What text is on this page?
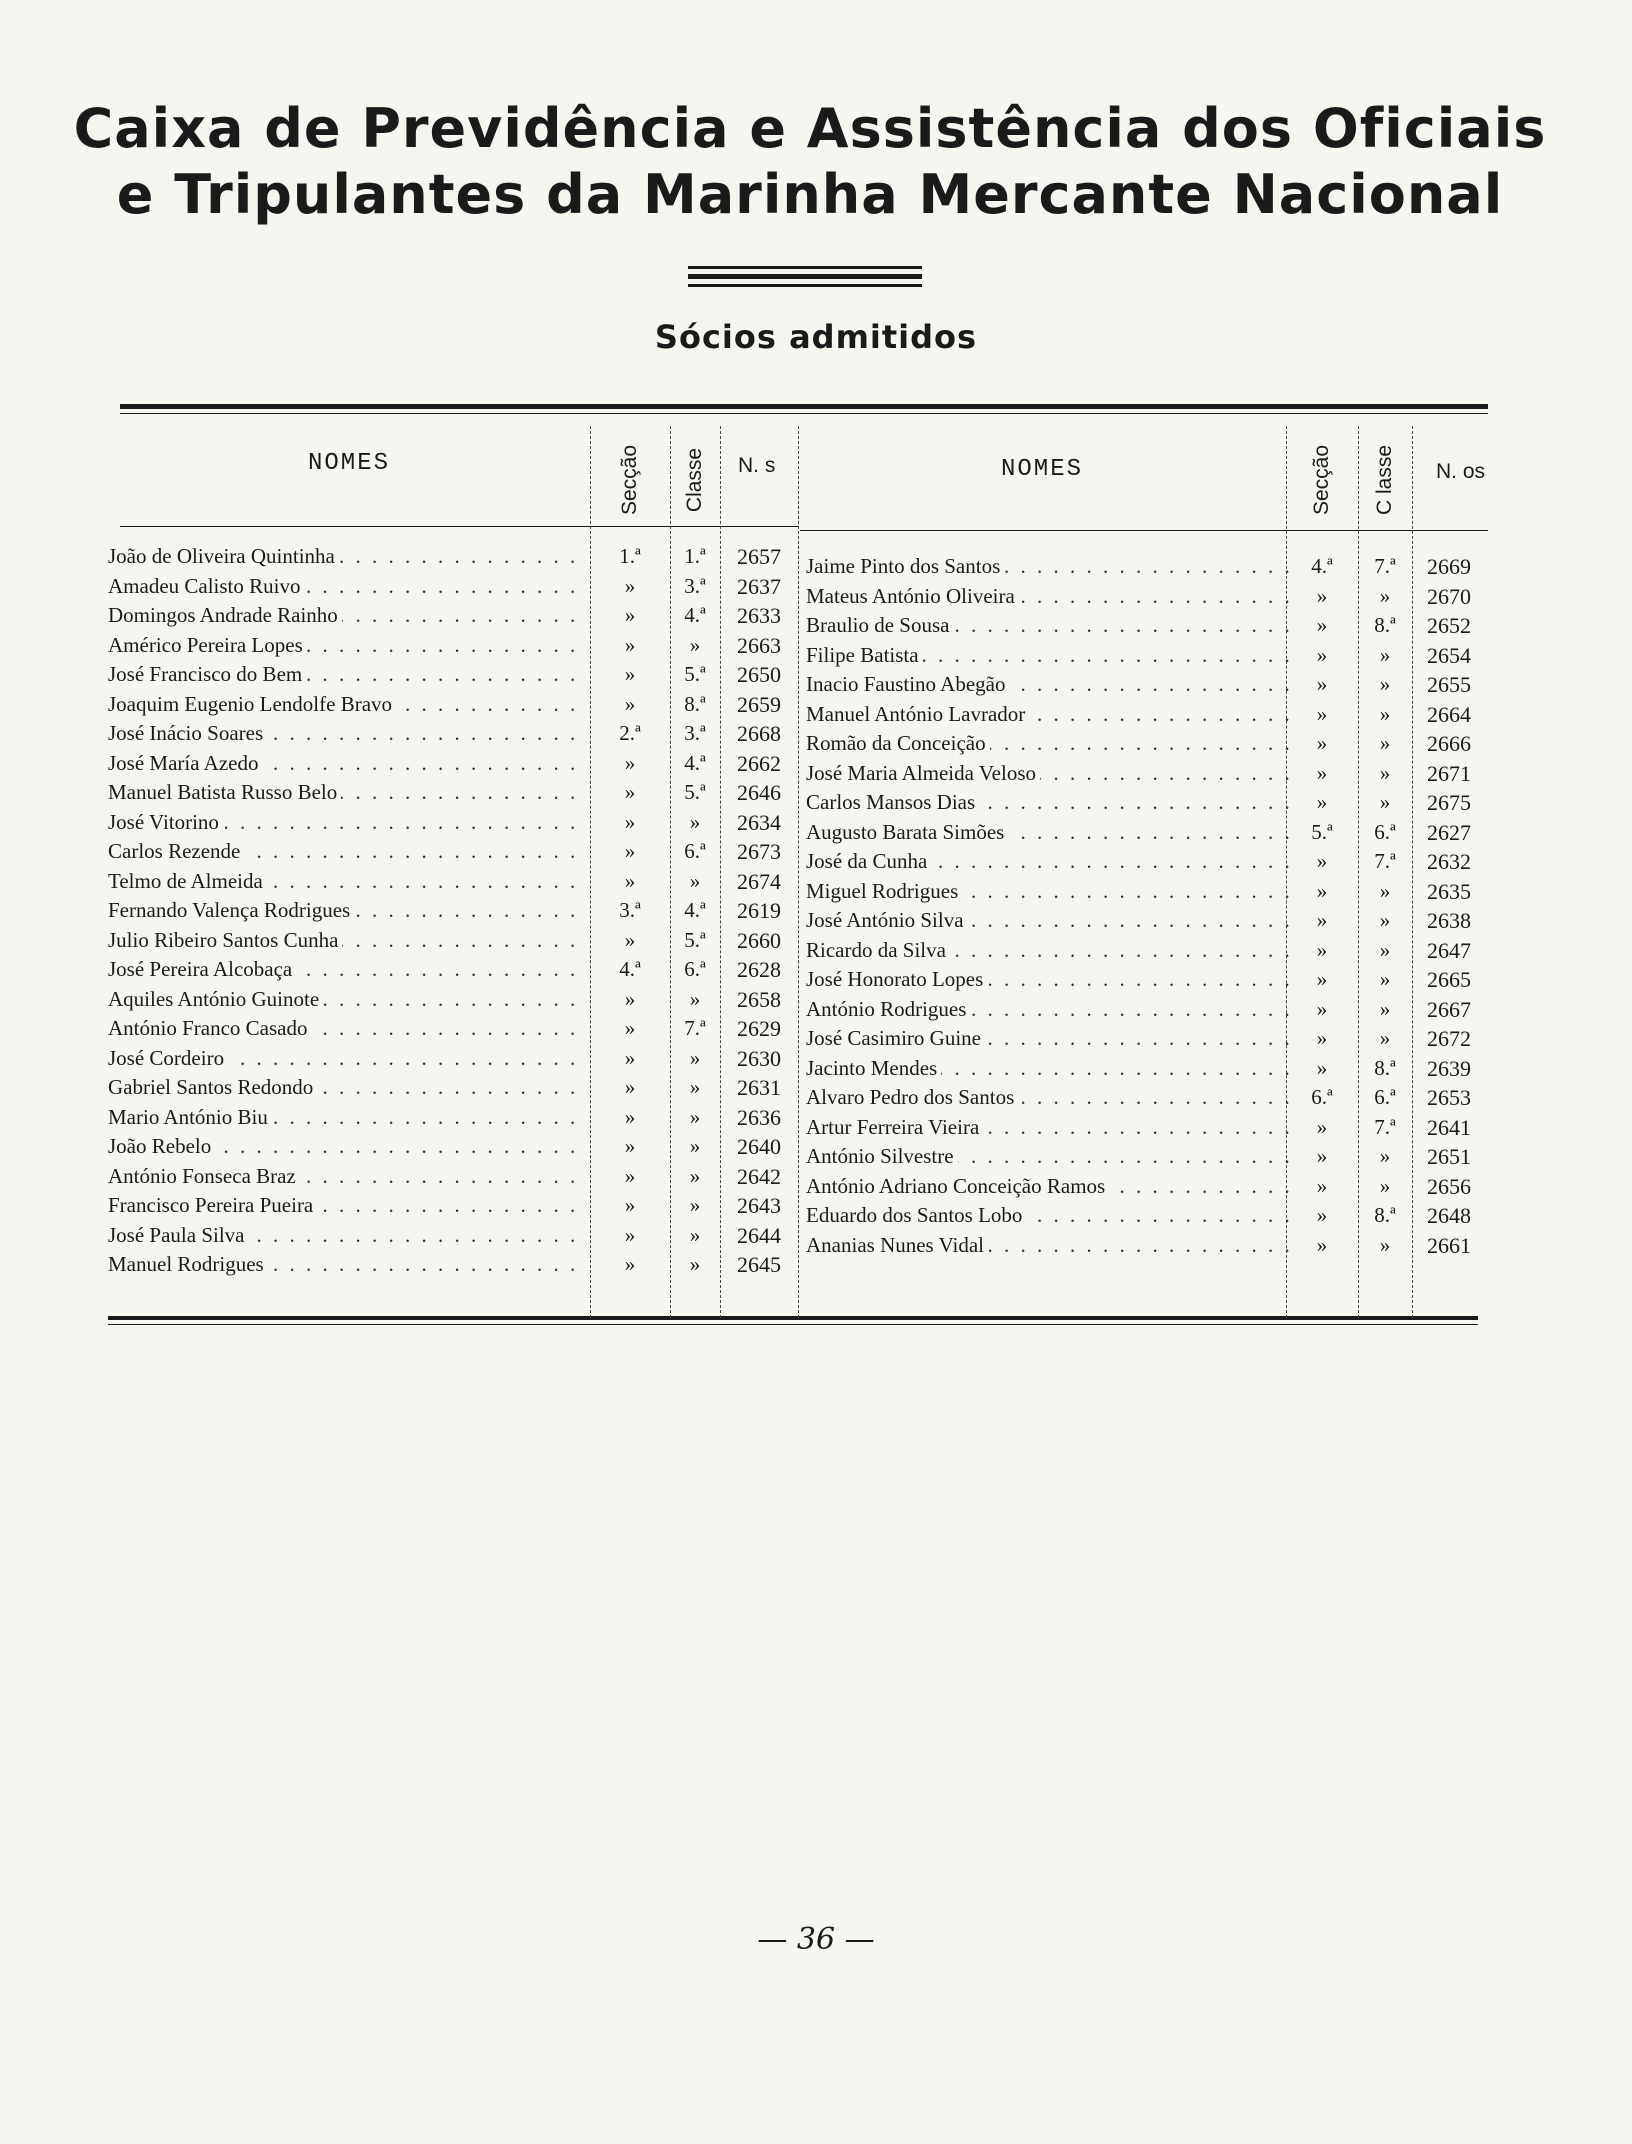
Caixa de Previdência e Assistência dos Oficiais
e Tripulantes da Marinha Mercante Nacional
Sócios admitidos
NOMES	Secção Classe N. s
João de Oliveira Quintinha . . .	1.ª	1.ª	2657
Amadeu Calisto Ruivo . . .	»	3.ª	2637
Domingos Andrade Rainho . . .	»	4.ª	2633
Américo Pereira Lopes . . .	»	»	2663
José Francisco do Bem . . .	»	5.ª	2650
Joaquim Eugenio Lendolfe Bravo . . .	»	8.ª	2659
José Inácio Soares . . .	2.ª	3.ª	2668
José María Azedo . . .	»	4.ª	2662
Manuel Batista Russo Belo . . .	»	5.ª	2646
José Vitorino . . .	»	»	2634
Carlos Rezende . . .	»	6.ª	2673
Telmo de Almeida . . .	»	»	2674
Fernando Valença Rodrigues . . .	3.ª	4.ª	2619
Julio Ribeiro Santos Cunha . . .	»	5.ª	2660
José Pereira Alcobaça . . .	4.ª	6.ª	2628
Aquiles António Guinote . . .	»	»	2658
António Franco Casado . . .	»	7.ª	2629
José Cordeiro . . .	»	»	2630
Gabriel Santos Redondo . . .	»	»	2631
Mario António Biu . . .	»	»	2636
João Rebelo . . .	»	»	2640
António Fonseca Braz . . .	»	»	2642
Francisco Pereira Pueira . . .	»	»	2643
José Paula Silva . . .	»	»	2644
Manuel Rodrigues . . .	»	»	2645
NOMES	Secção C lasse N. os
Jaime Pinto dos Santos . . .	4.ª	7.ª	2669
Mateus António Oliveira . . .	»	»	2670
Braulio de Sousa . . .	»	8.ª	2652
Filipe Batista . . .	»	»	2654
Inacio Faustino Abegão . . .	»	»	2655
Manuel António Lavrador . . .	»	»	2664
Romão da Conceição . . .	»	»	2666
José Maria Almeida Veloso . . .	»	»	2671
Carlos Mansos Dias . . .	»	»	2675
Augusto Barata Simões . . .	5.ª	6.ª	2627
José da Cunha . . .	»	7.ª	2632
Miguel Rodrigues . . .	»	»	2635
José António Silva . . .	»	»	2638
Ricardo da Silva . . .	»	»	2647
José Honorato Lopes . . .	»	»	2665
António Rodrigues . . .	»	»	2667
José Casimiro Guine . . .	»	»	2672
Jacinto Mendes . . .	»	8.ª	2639
Alvaro Pedro dos Santos . . .	6.ª	6.ª	2653
Artur Ferreira Vieira . . .	»	7.ª	2641
António Silvestre . . .	»	»	2651
António Adriano Conceição Ramos . . .	»	»	2656
Eduardo dos Santos Lobo . . .	»	8.ª	2648
Ananias Nunes Vidal . . .	»	»	2661
— 36 —
